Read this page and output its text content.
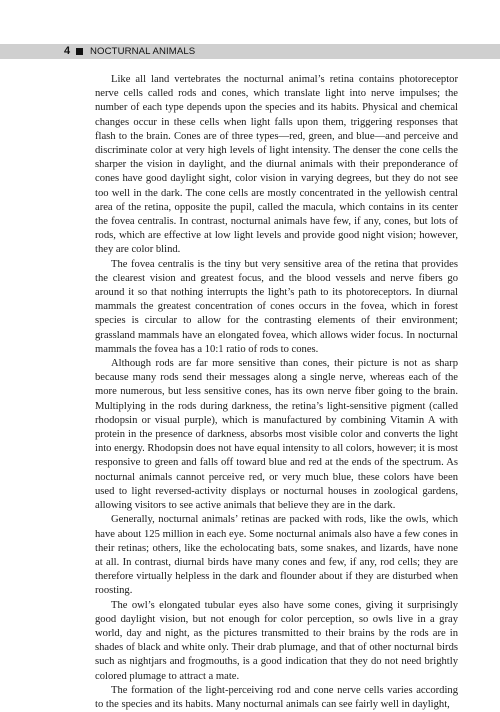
4 NOCTURNAL ANIMALS

Like all land vertebrates the nocturnal animal’s retina contains photoreceptor nerve cells called rods and cones, which translate light into nerve impulses; the number of each type depends upon the species and its habits. Physical and chemical changes occur in these cells when light falls upon them, triggering responses that flash to the brain. Cones are of three types—red, green, and blue—and perceive and discriminate color at very high levels of light intensity. The denser the cone cells the sharper the vision in daylight, and the diurnal animals with their preponderance of cones have good daylight sight, color vision in varying degrees, but they do not see too well in the dark. The cone cells are mostly concentrated in the yellowish central area of the retina, opposite the pupil, called the macula, which contains in its center the fovea centralis. In contrast, nocturnal animals have few, if any, cones, but lots of rods, which are effective at low light levels and provide good night vision; however, they are color blind.

The fovea centralis is the tiny but very sensitive area of the retina that provides the clearest vision and greatest focus, and the blood vessels and nerve fibers go around it so that nothing interrupts the light’s path to its photoreceptors. In diurnal mammals the greatest concentration of cones occurs in the fovea, which in forest species is circular to allow for the contrasting elements of their environment; grassland mammals have an elongated fovea, which allows wider focus. In nocturnal mammals the fovea has a 10:1 ratio of rods to cones.

Although rods are far more sensitive than cones, their picture is not as sharp because many rods send their messages along a single nerve, whereas each of the more numerous, but less sensitive cones, has its own nerve fiber going to the brain. Multiplying in the rods during darkness, the retina’s light-sensitive pigment (called rhodopsin or visual purple), which is manufactured by combining Vitamin A with protein in the presence of darkness, absorbs most visible color and converts the light into energy. Rhodopsin does not have equal intensity to all colors, however; it is most responsive to green and falls off toward blue and red at the ends of the spectrum. As nocturnal animals cannot perceive red, or very much blue, these colors have been used to light reversed-activity displays or nocturnal houses in zoological gardens, allowing visitors to see active animals that believe they are in the dark.

Generally, nocturnal animals’ retinas are packed with rods, like the owls, which have about 125 million in each eye. Some nocturnal animals also have a few cones in their retinas; others, like the echolocating bats, some snakes, and lizards, have none at all. In contrast, diurnal birds have many cones and few, if any, rod cells; they are therefore virtually helpless in the dark and flounder about if they are disturbed when roosting.

The owl’s elongated tubular eyes also have some cones, giving it surprisingly good daylight vision, but not enough for color perception, so owls live in a gray world, day and night, as the pictures transmitted to their brains by the rods are in shades of black and white only. Their drab plumage, and that of other nocturnal birds such as nightjars and frogmouths, is a good indication that they do not need brightly colored plumage to attract a mate.

The formation of the light-perceiving rod and cone nerve cells varies according to the species and its habits. Many nocturnal animals can see fairly well in daylight,
